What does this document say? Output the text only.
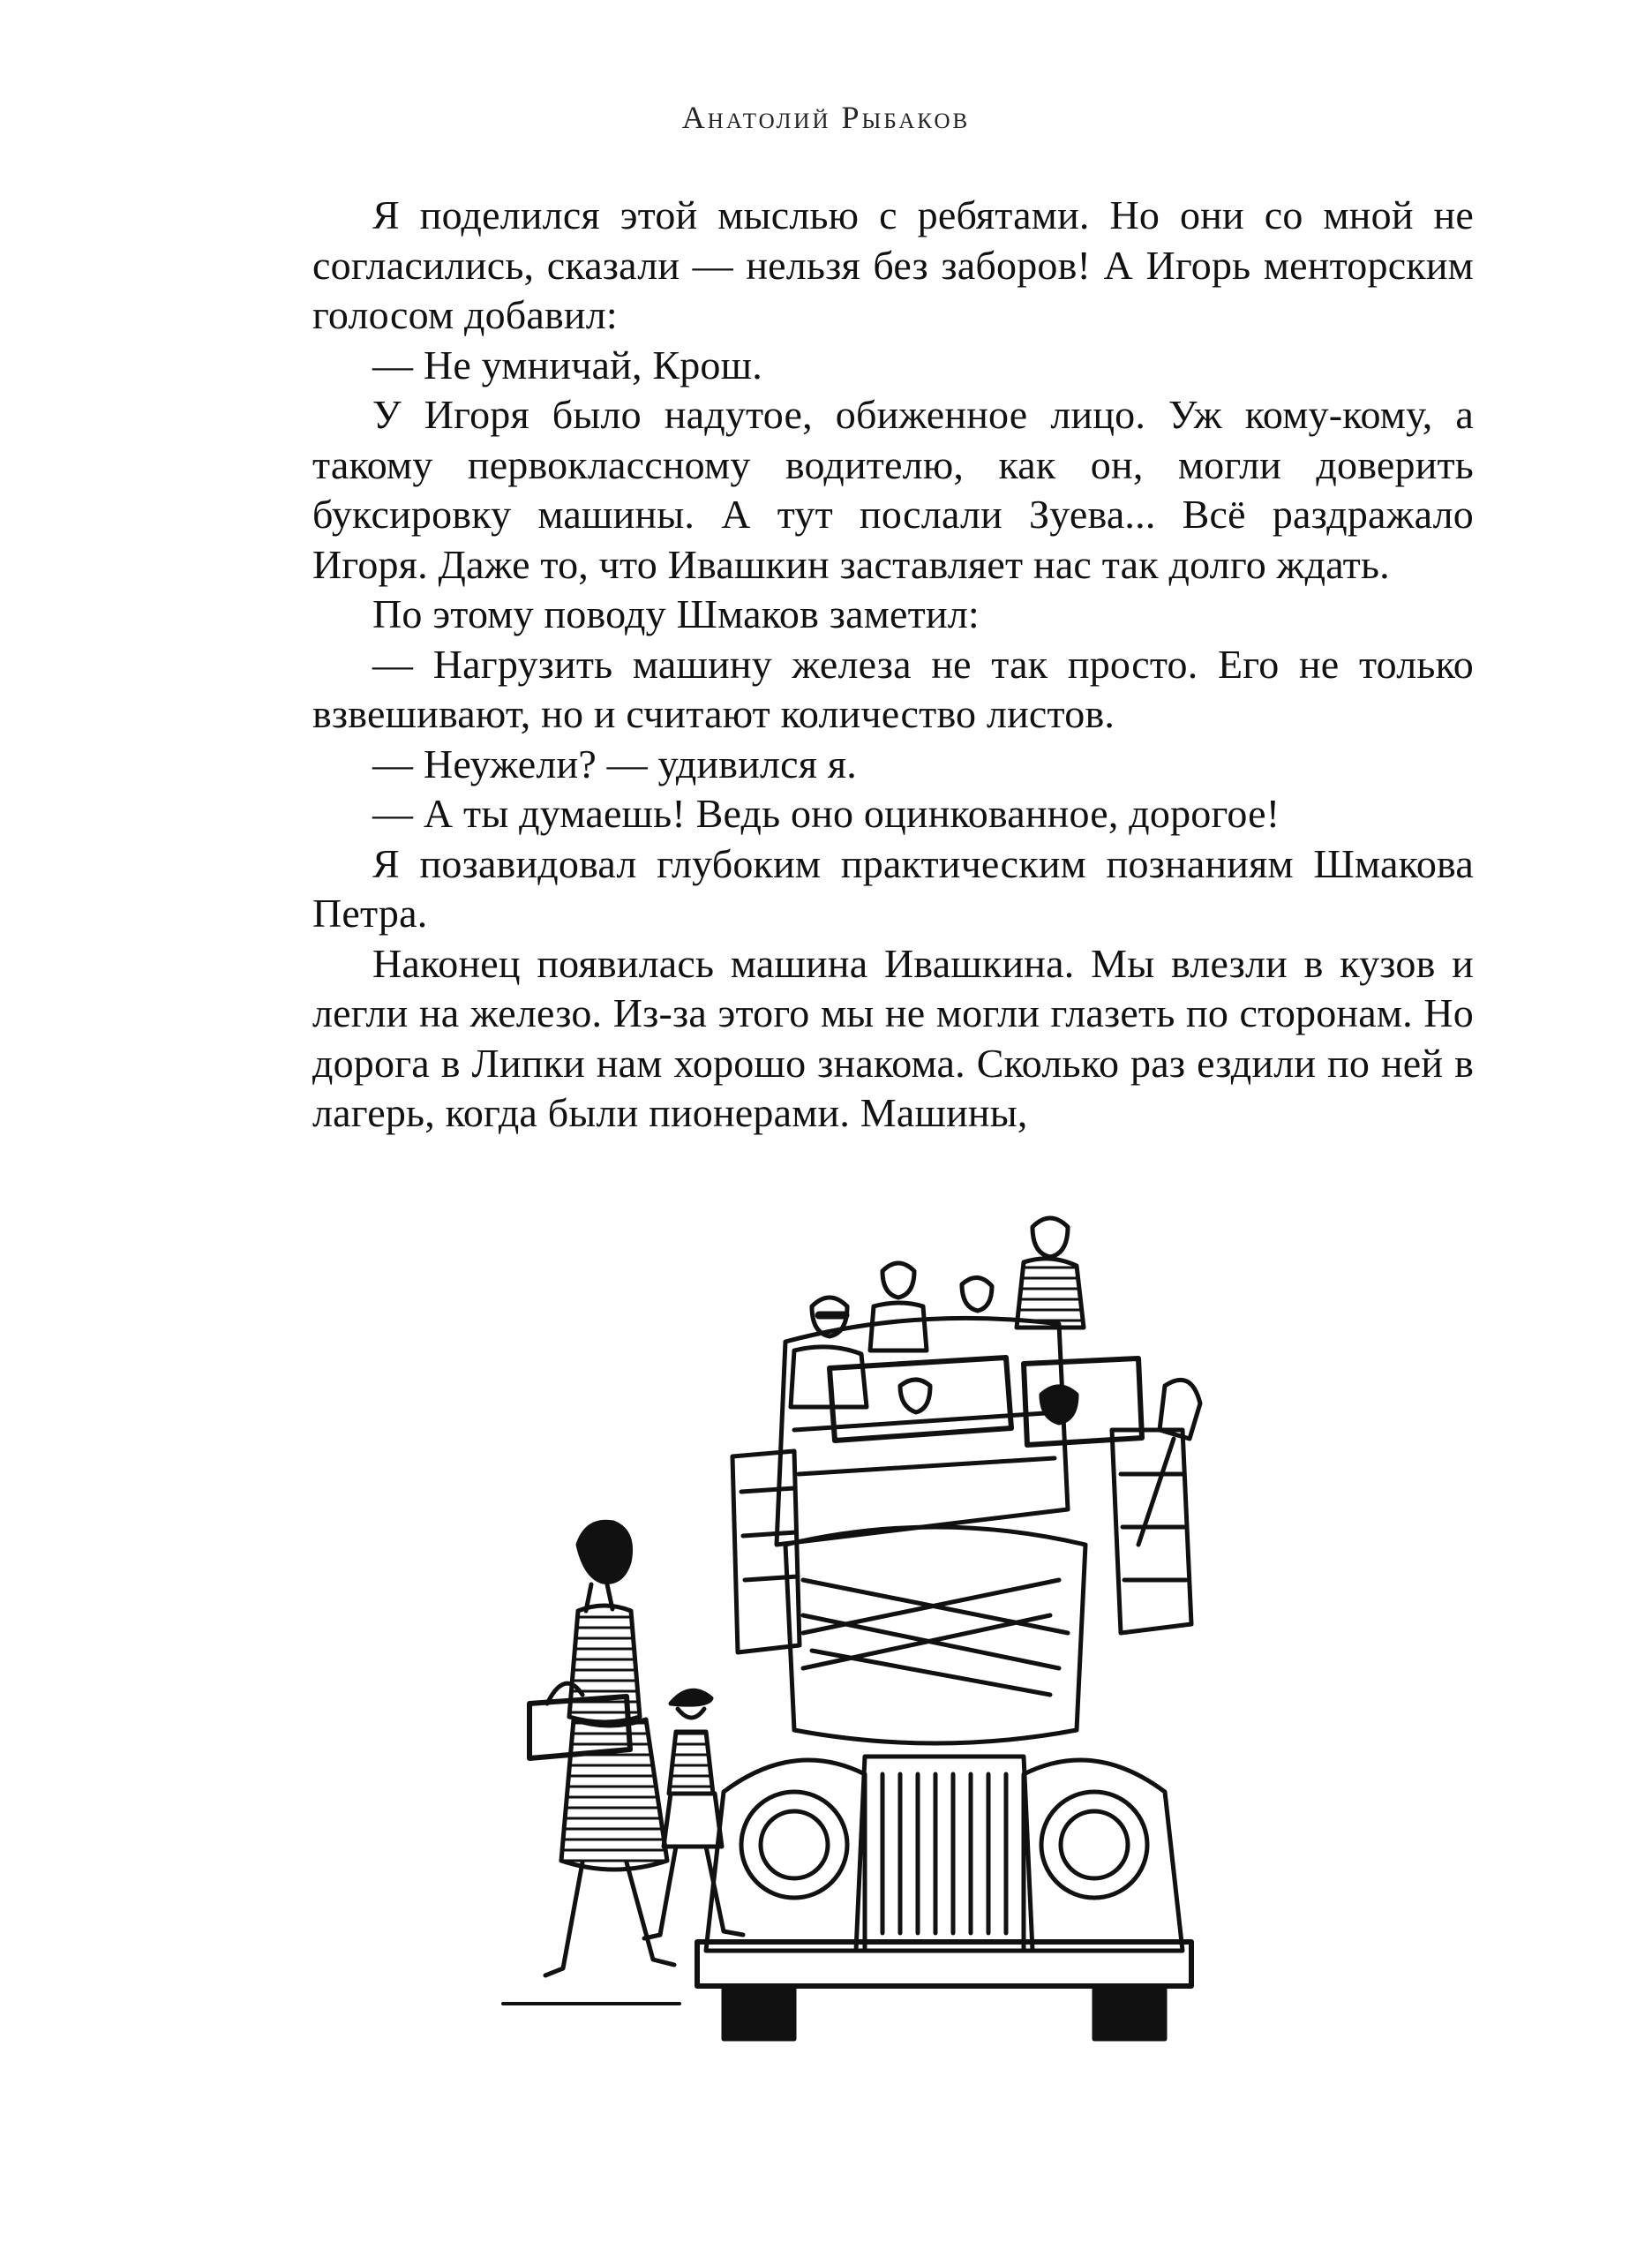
Анатолий Рыбаков

Я поделился этой мыслью с ребятами. Но они со мной не согласились, сказали — нельзя без заборов! А Игорь менторским голосом добавил:

— Не умничай, Крош.

У Игоря было надутое, обиженное лицо. Уж кому-кому, а такому первоклассному водителю, как он, могли доверить буксировку машины. А тут послали Зуева... Всё раздражало Игоря. Даже то, что Ивашкин заставляет нас так долго ждать.

По этому поводу Шмаков заметил:

— Нагрузить машину железа не так просто. Его не только взвешивают, но и считают количество листов.

— Неужели? — удивился я.

— А ты думаешь! Ведь оно оцинкованное, дорогое!

Я позавидовал глубоким практическим познаниям Шмакова Петра.

Наконец появилась машина Ивашкина. Мы влезли в кузов и легли на железо. Из-за этого мы не могли глазеть по сторонам. Но дорога в Липки нам хорошо знакома. Сколько раз ездили по ней в лагерь, когда были пионерами. Машины,
